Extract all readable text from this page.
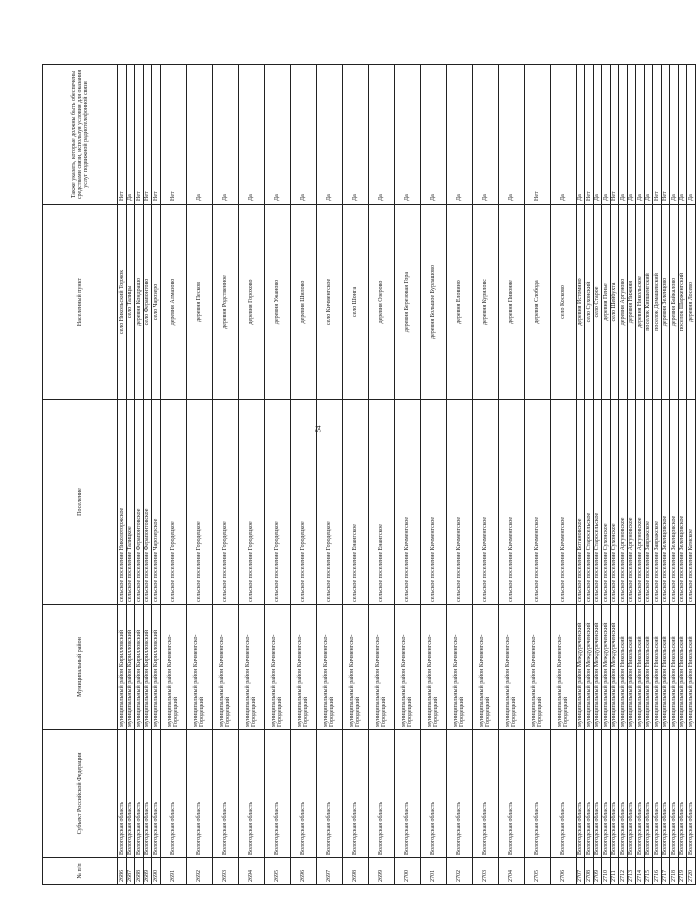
54
№ п/п	Субъект Российской Федерации	Муниципальный район	Поселение	Населенный пункт	Также указать, которые должны быть обеспечены средствами связи, используя условия для оказания услуг подвижной радиотелефонной связи
2686	Вологодская область	муниципальный район Кирилловский	сельское поселение Николоторжское	село Никольский Торжок	Нет
2687	Вологодская область	муниципальный район Кирилловский	сельское поселение Талицкое	село Талицы	Да
2688	Вологодская область	муниципальный район Кирилловский	сельское поселение Ферапонтовское	деревня Кондрашо	Нет
2689	Вологодская область	муниципальный район Кирилловский	сельское поселение Ферапонтовское	село Ферапонтово	Нет
2690	Вологодская область	муниципальный район Кирилловский	сельское поселение Чарозерское	село Чарозеро	Нет
2691	Вологодская область	муниципальный район Кичменгско-Городецкий	сельское поселение Городецкое	деревня Алмазово	Нет
2692	Вологодская область	муниципальный район Кичменгско-Городецкий	сельское поселение Городецкое	деревня Песков	Да
2693	Вологодская область	муниципальный район Кичменгско-Городецкий	сельское поселение Городецкое	деревня Родственное	Да
2694	Вологодская область	муниципальный район Кичменгско-Городецкий	сельское поселение Городецкое	деревня Горохово	Да
2695	Вологодская область	муниципальный район Кичменгско-Городецкий	сельское поселение Городецкое	деревня Ужаново	Да
2696	Вологодская область	муниципальный район Кичменгско-Городецкий	сельское поселение Городецкое	деревня Шилово	Да
2697	Вологодская область	муниципальный район Кичменгско-Городецкий	сельское поселение Городецкое	село Кичменгское	Да
2698	Вологодская область	муниципальный район Кичменгско-Городецкий	сельское поселение Енангское	село Шонга	Да
2699	Вологодская область	муниципальный район Кичменгско-Городецкий	сельское поселение Енангское	деревня Озерово	Да
2700	Вологодская область	муниципальный район Кичменгско-Городецкий	сельское поселение Кичменгское	деревня Березовая Гора	Да
2701	Вологодская область	муниципальный район Кичменгско-Городецкий	сельское поселение Кичменгское	деревня Большое Бурлашово	Да
2702	Вологодская область	муниципальный район Кичменгско-Городецкий	сельское поселение Кичменгское	деревня Еловино	Да
2703	Вологодская область	муниципальный район Кичменгско-Городецкий	сельское поселение Кичменгское	деревня Куриловс	Да
2704	Вологодская область	муниципальный район Кичменгско-Городецкий	сельское поселение Кичменгское	деревня Пивоняе	Да
2705	Вологодская область	муниципальный район Кичменгско-Городецкий	сельское поселение Кичменгское	деревня Слобода	Нет
2706	Вологодская область	муниципальный район Кичменгско-Городецкий	сельское поселение Кичменгское	село Косково	Да
2707	Вологодская область	муниципальный район Междуреченский	сельское поселение Ботановское	деревня Истомино	Да
2708	Вологодская область	муниципальный район Междуреченский	сельское поселение Старосельское	село Сухонский	Нет
2709	Вологодская область	муниципальный район Междуреченский	сельское поселение Старосельское	село Старое	Да
2710	Вологодская область	муниципальный район Междуреченский	сельское поселение Сухонское	деревня Пенье	Да
2711	Вологодская область	муниципальный район Междуреченский	сельское поселение Сухонское	село Шейбухта	Нет
2712	Вологодская область	муниципальный район Никольский	сельское поселение Аргуновское	деревня Аргуново	Да
2713	Вологодская область	муниципальный район Никольский	сельское поселение Аргуновское	деревня Нижняя	Да
2714	Вологодская область	муниципальный район Никольский	сельское поселение Аргуновское	деревня Никольское	Да
2715	Вологодская область	муниципальный район Никольский	сельское поселение Завражское	поселок Кипшенгский	Да
2716	Вологодская область	муниципальный район Никольский	сельское поселение Завражское	поселок Домашевский	Нет
2717	Вологодская область	муниципальный район Никольский	сельское поселение Зеленцовское	деревня Зеленцово	Нет
2718	Вологодская область	муниципальный район Никольский	сельское поселение Зеленцовское	деревня Байкалово	Да
2719	Вологодская область	муниципальный район Никольский	сельское поселение Зеленцовское	поселок Шарженгский	Да
2720	Вологодская область	муниципальный район Никольский	сельское поселение Кемское	деревня Лосево	Да
